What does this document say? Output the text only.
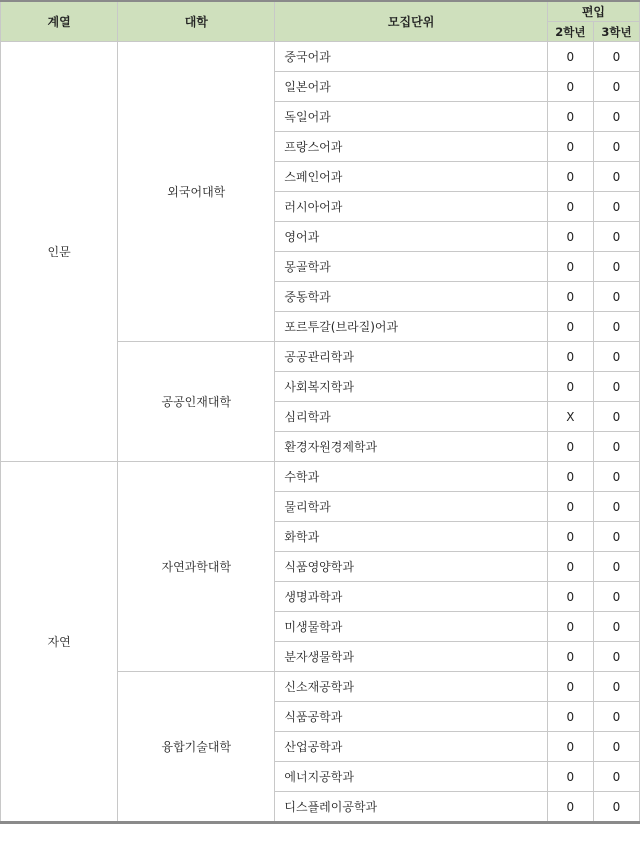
계열	대학	모집단위	편입	
			2학년	3학년
인문	외국어대학	중국어과	0	0
		일본어과	0	0
		독일어과	0	0
		프랑스어과	0	0
		스페인어과	0	0
		러시아어과	0	0
		영어과	0	0
		몽골학과	0	0
		중동학과	0	0
		포르투갈(브라질)어과	0	0
	공공인재대학	공공관리학과	0	0
		사회복지학과	0	0
		심리학과	X	0
		환경자원경제학과	0	0
자연	자연과학대학	수학과	0	0
		물리학과	0	0
		화학과	0	0
		식품영양학과	0	0
		생명과학과	0	0
		미생물학과	0	0
		분자생물학과	0	0
	융합기술대학	신소재공학과	0	0
		식품공학과	0	0
		산업공학과	0	0
		에너지공학과	0	0
		디스플레이공학과	0	0
